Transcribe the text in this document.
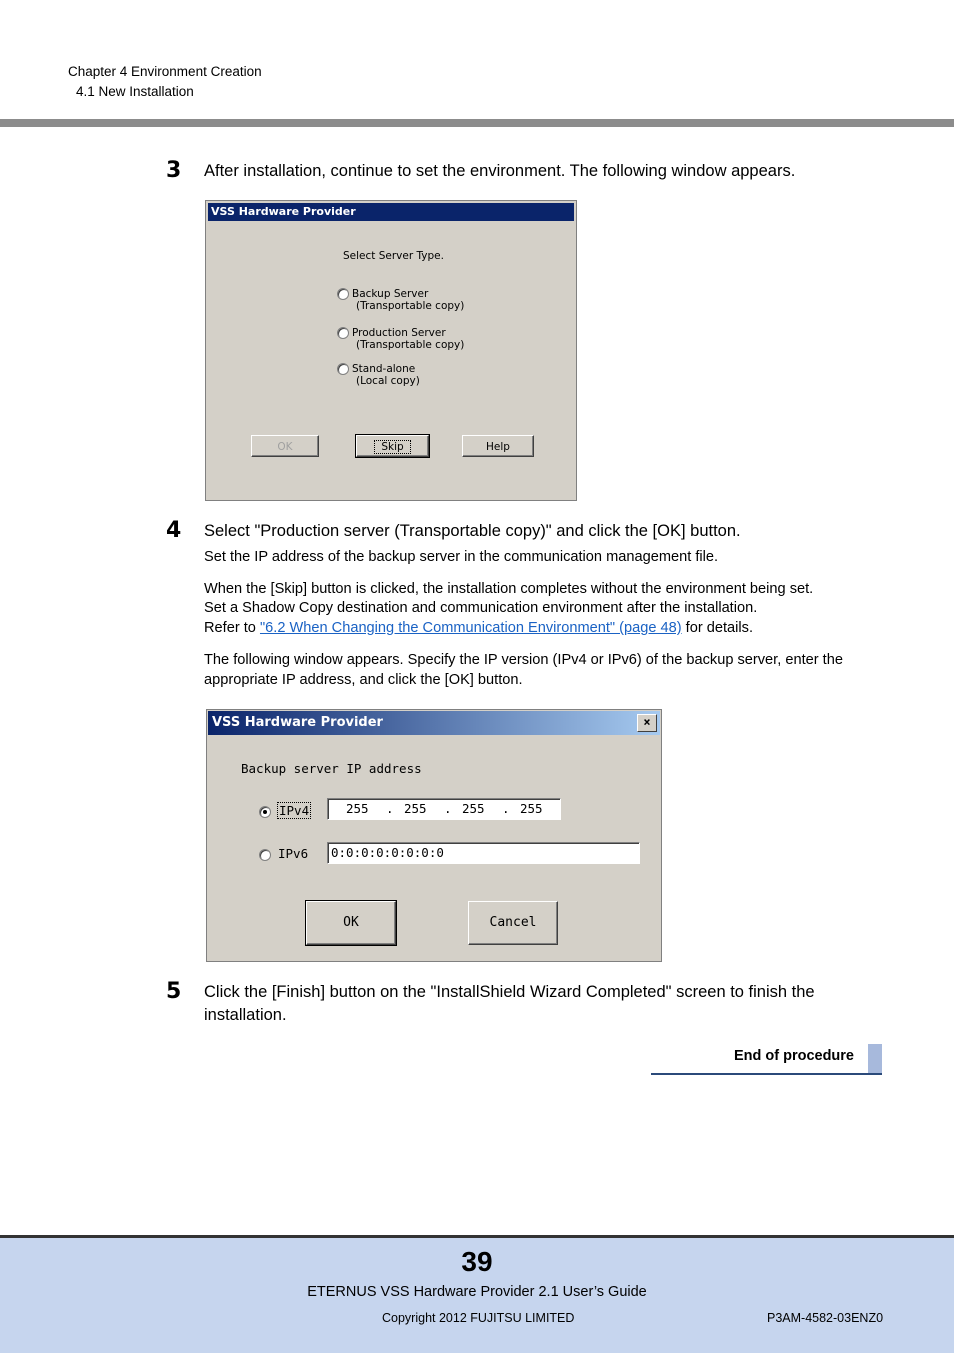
Chapter 4 Environment Creation
4.1 New Installation
3 After installation, continue to set the environment. The following window appears.
VSS Hardware Provider
Select Server Type.
Backup Server
(Transportable copy)
Production Server
(Transportable copy)
Stand-alone
(Local copy)
OK	Skip	Help
4 Select "Production server (Transportable copy)" and click the [OK] button.
Set the IP address of the backup server in the communication management file.
When the [Skip] button is clicked, the installation completes without the environment being set.
Set a Shadow Copy destination and communication environment after the installation.
Refer to "6.2 When Changing the Communication Environment" (page 48) for details.
The following window appears. Specify the IP version (IPv4 or IPv6) of the backup server, enter the appropriate IP address, and click the [OK] button.
VSS Hardware Provider	×
Backup server IP address
IPv4	255 . 255 . 255 . 255
IPv6	0:0:0:0:0:0:0:0
OK	Cancel
5 Click the [Finish] button on the "InstallShield Wizard Completed" screen to finish the installation.
End of procedure
39
ETERNUS VSS Hardware Provider 2.1 User’s Guide
Copyright 2012 FUJITSU LIMITED	P3AM-4582-03ENZ0
